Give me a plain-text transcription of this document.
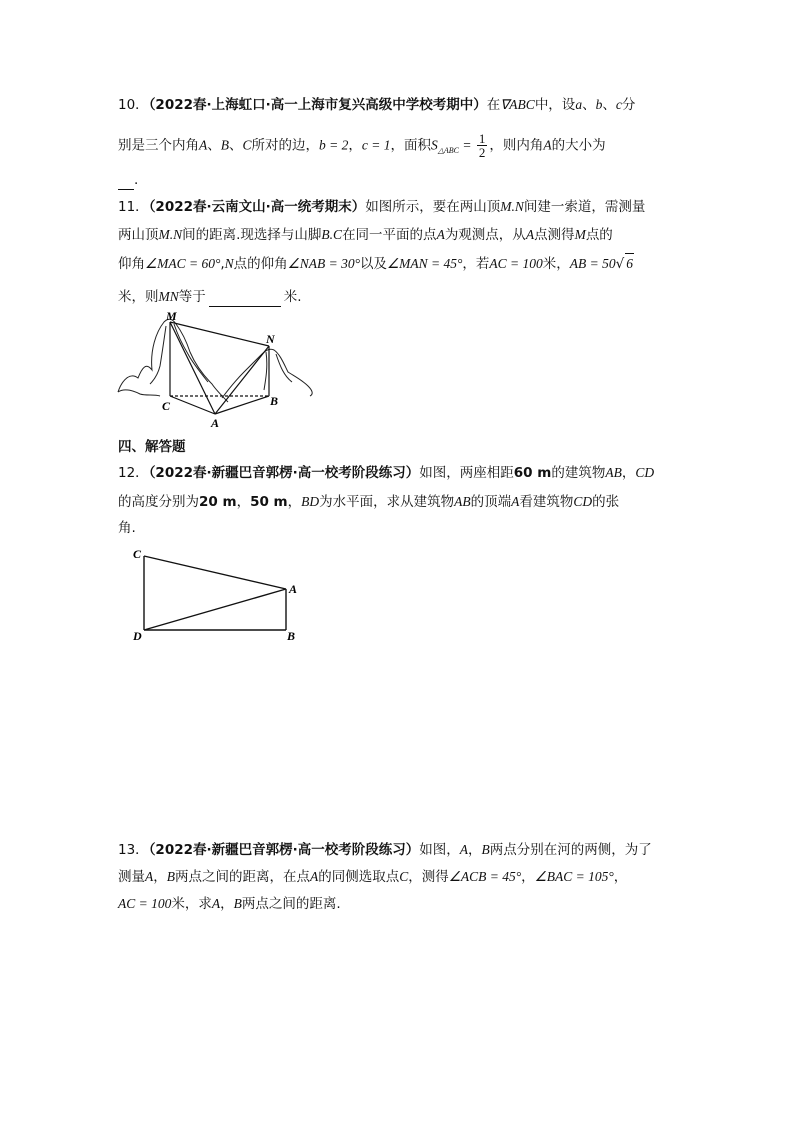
10．（2022春·上海虹口·高一上海市复兴高级中学校考期中）在∇ABC中，设a、b、c分
别是三个内角A、B、C所对的边，b = 2，c = 1，面积$S_{\triangle ABC} = \frac{1}{2}$ ，则内角A的大小为
.
11．（2022春·云南文山·高一统考期末）如图所示，要在两山顶M.N间建一索道，需测量
两山顶M.N间的距离.现选择与山脚B.C在同一平面的点A为观测点，从A点测得M点的
仰角∠MAC = 60°,N点的仰角∠NAB = 30°以及∠MAN = 45°，若AC = 100米，AB = 50√ 6
米，则MN等于	米.
M
N
C
A
B
四、解答题
12．（2022春·新疆巴音郭楞·高一校考阶段练习）如图，两座相距60 m的建筑物AB，CD
的高度分别为20 m，50 m，BD为水平面，求从建筑物AB的顶端A看建筑物CD的张
角.
C
A
D	B
13．（2022春·新疆巴音郭楞·高一校考阶段练习）如图，A，B两点分别在河的两侧，为了
测量A，B两点之间的距离，在点A的同侧选取点C，测得∠ACB = 45°，∠BAC = 105°，
AC = 100米，求A，B两点之间的距离.
